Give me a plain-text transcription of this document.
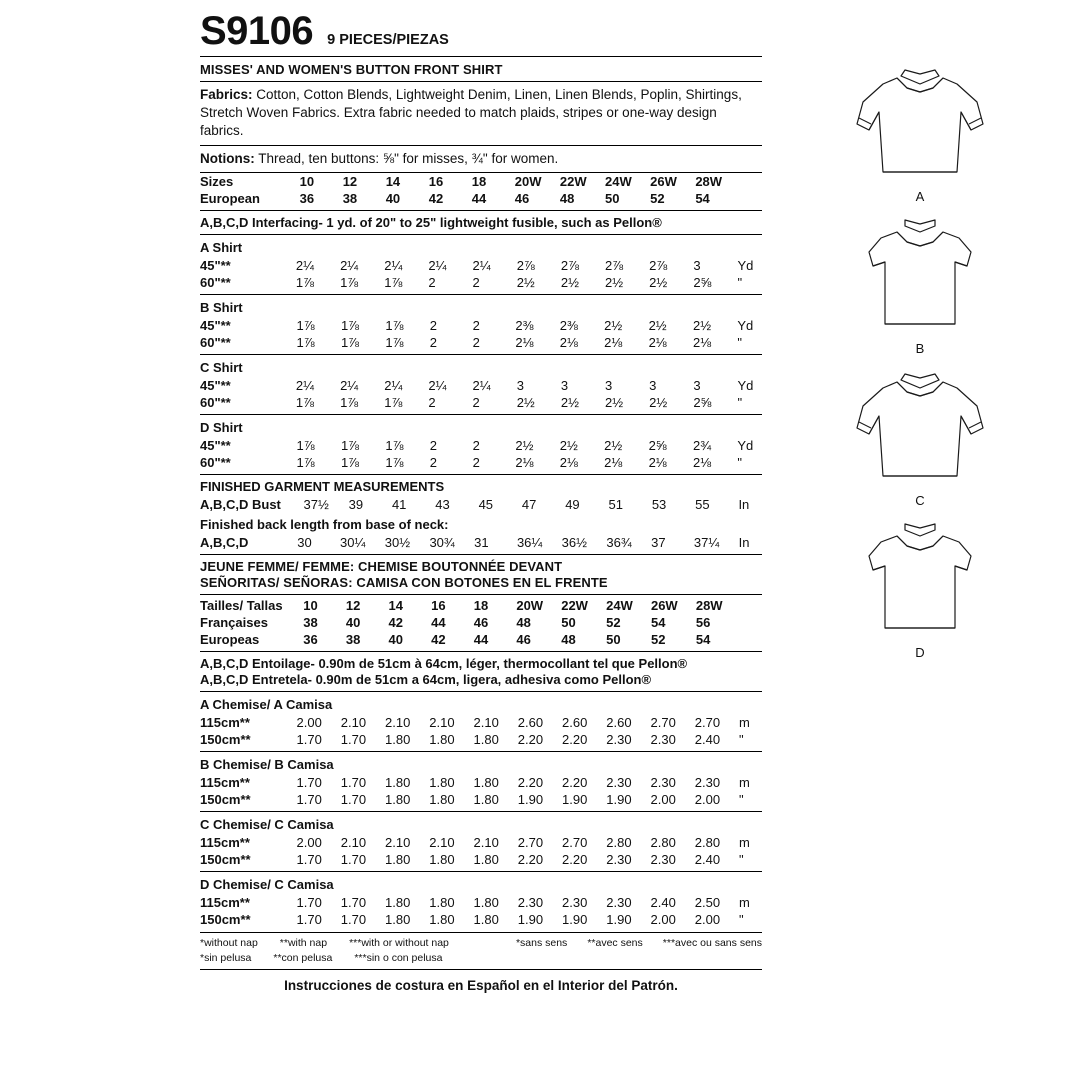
S9106 9 PIECES/PIEZAS
MISSES' AND WOMEN'S BUTTON FRONT SHIRT
Fabrics: Cotton, Cotton Blends, Lightweight Denim, Linen, Linen Blends, Poplin, Shirtings, Stretch Woven Fabrics. Extra fabric needed to match plaids, stripes or one-way design fabrics.
Notions: Thread, ten buttons: ⅝" for misses, ¾" for women.
Sizes	10	12	14	16	18	20W	22W	24W	26W	28W	
European	36	38	40	42	44	46	48	50	52	54	
A,B,C,D Interfacing- 1 yd. of 20" to 25" lightweight fusible, such as Pellon®
A Shirt
45"**	2¼	2¼	2¼	2¼	2¼	2⅞	2⅞	2⅞	2⅞	3	Yd
60"**	1⅞	1⅞	1⅞	2	2	2½	2½	2½	2½	2⅝	"
B Shirt
45"**	1⅞	1⅞	1⅞	2	2	2⅜	2⅜	2½	2½	2½	Yd
60"**	1⅞	1⅞	1⅞	2	2	2⅛	2⅛	2⅛	2⅛	2⅛	"
C Shirt
45"**	2¼	2¼	2¼	2¼	2¼	3	3	3	3	3	Yd
60"**	1⅞	1⅞	1⅞	2	2	2½	2½	2½	2½	2⅝	"
D Shirt
45"**	1⅞	1⅞	1⅞	2	2	2½	2½	2½	2⅝	2¾	Yd
60"**	1⅞	1⅞	1⅞	2	2	2⅛	2⅛	2⅛	2⅛	2⅛	"
FINISHED GARMENT MEASUREMENTS
A,B,C,D Bust	37½	39	41	43	45	47	49	51	53	55	In
Finished back length from base of neck:
A,B,C,D	30	30¼	30½	30¾	31	36¼	36½	36¾	37	37¼	In
JEUNE FEMME/ FEMME: CHEMISE BOUTONNÉE DEVANT
SEÑORITAS/ SEÑORAS: CAMISA CON BOTONES EN EL FRENTE
Tailles/ Tallas	10	12	14	16	18	20W	22W	24W	26W	28W	
Françaises	38	40	42	44	46	48	50	52	54	56	
Europeas	36	38	40	42	44	46	48	50	52	54	
A,B,C,D Entoilage- 0.90m de 51cm à 64cm, léger, thermocollant tel que Pellon®
A,B,C,D Entretela- 0.90m de 51cm a 64cm, ligera, adhesiva como Pellon®
A Chemise/ A Camisa
115cm**	2.00	2.10	2.10	2.10	2.10	2.60	2.60	2.60	2.70	2.70	m
150cm**	1.70	1.70	1.80	1.80	1.80	2.20	2.20	2.30	2.30	2.40	"
B Chemise/ B Camisa
115cm**	1.70	1.70	1.80	1.80	1.80	2.20	2.20	2.30	2.30	2.30	m
150cm**	1.70	1.70	1.80	1.80	1.80	1.90	1.90	1.90	2.00	2.00	"
C Chemise/ C Camisa
115cm**	2.00	2.10	2.10	2.10	2.10	2.70	2.70	2.80	2.80	2.80	m
150cm**	1.70	1.70	1.80	1.80	1.80	2.20	2.20	2.30	2.30	2.40	"
D Chemise/ C Camisa
115cm**	1.70	1.70	1.80	1.80	1.80	2.30	2.30	2.30	2.40	2.50	m
150cm**	1.70	1.70	1.80	1.80	1.80	1.90	1.90	1.90	2.00	2.00	"
*without nap **with nap ***with or without nap	*sans sens **avec sens ***avec ou sans sens
*sin pelusa **con pelusa ***sin o con pelusa
Instrucciones de costura en Español en el Interior del Patrón.
A
B
C
D
